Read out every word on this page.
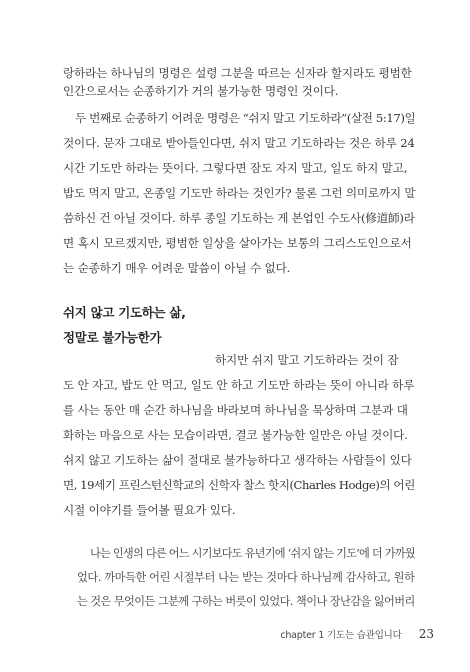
랑하라는 하나님의 명령은 설령 그분을 따르는 신자라 할지라도 평범한
인간으로서는 순종하기가 거의 불가능한 명령인 것이다.
두 번째로 순종하기 어려운 명령은 “쉬지 말고 기도하라”(살전 5:17)일
것이다. 문자 그대로 받아들인다면, 쉬지 말고 기도하라는 것은 하루 24
시간 기도만 하라는 뜻이다. 그렇다면 잠도 자지 말고, 일도 하지 말고,
밥도 먹지 말고, 온종일 기도만 하라는 것인가? 물론 그런 의미로까지 말
씀하신 건 아닐 것이다. 하루 종일 기도하는 게 본업인 수도사(修道師)라
면 혹시 모르겠지만, 평범한 일상을 살아가는 보통의 그리스도인으로서
는 순종하기 매우 어려운 말씀이 아닐 수 없다.
쉬지 않고 기도하는 삶,
정말로 불가능한가
하지만 쉬지 말고 기도하라는 것이 잠
도 안 자고, 밥도 안 먹고, 일도 안 하고 기도만 하라는 뜻이 아니라 하루
를 사는 동안 매 순간 하나님을 바라보며 하나님을 묵상하며 그분과 대
화하는 마음으로 사는 모습이라면, 결코 불가능한 일만은 아닐 것이다.
쉬지 않고 기도하는 삶이 절대로 불가능하다고 생각하는 사람들이 있다
면, 19세기 프린스턴신학교의 신학자 찰스 핫지(Charles Hodge)의 어린
시절 이야기를 들어볼 필요가 있다.
나는 인생의 다른 어느 시기보다도 유년기에 ‘쉬지 않는 기도’에 더 가까웠
었다. 까마득한 어린 시절부터 나는 받는 것마다 하나님께 감사하고, 원하
는 것은 무엇이든 그분께 구하는 버릇이 있었다. 책이나 장난감을 잃어버리
chapter 1 기도는 습관입니다 23
